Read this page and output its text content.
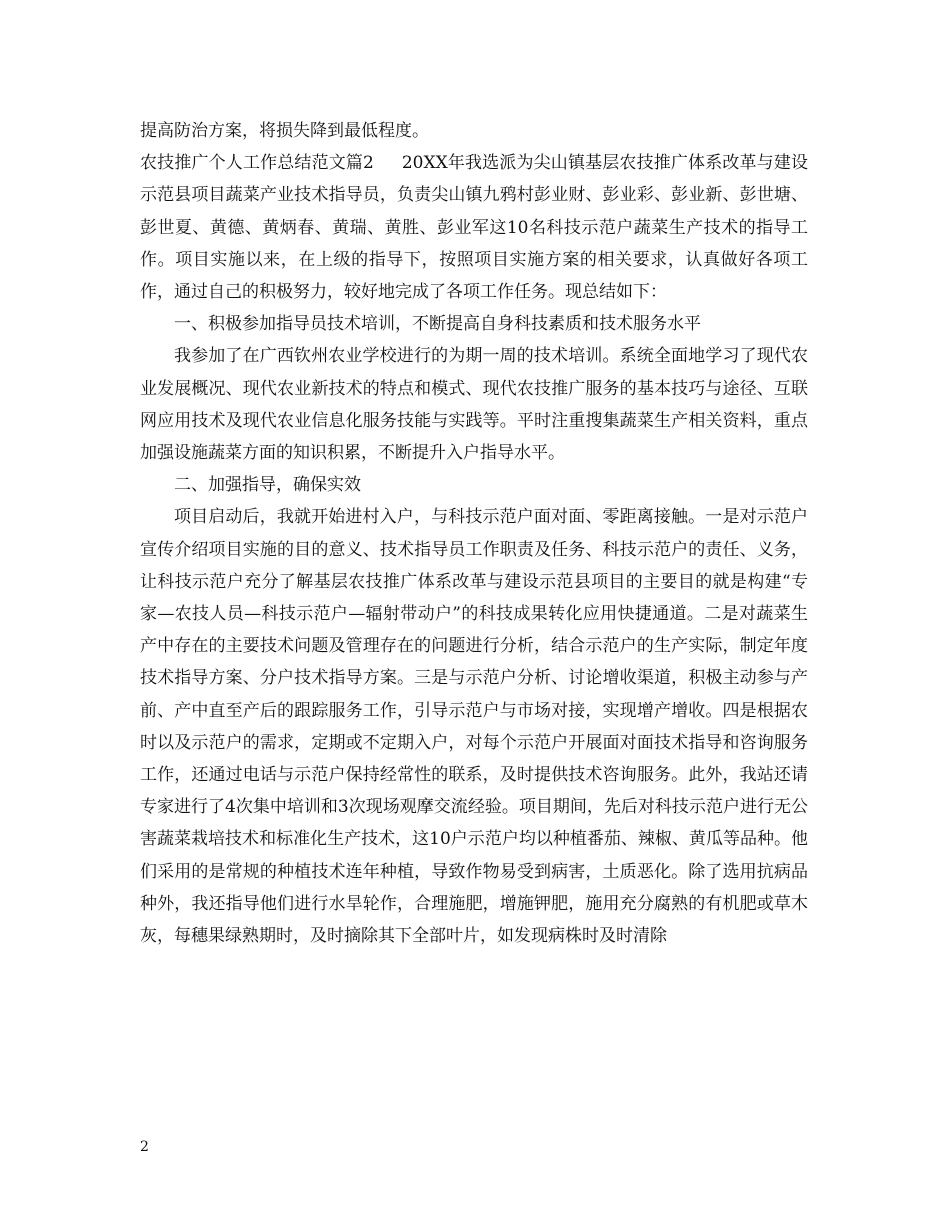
提高防治方案，将损失降到最低程度。

农技推广个人工作总结范文篇2 20XX年我选派为尖山镇基层农技推广体系改革与建设示范县项目蔬菜产业技术指导员，负责尖山镇九鸦村彭业财、彭业彩、彭业新、彭世塘、彭世夏、黄德、黄炳春、黄瑞、黄胜、彭业军这10名科技示范户蔬菜生产技术的指导工作。项目实施以来，在上级的指导下，按照项目实施方案的相关要求，认真做好各项工作，通过自己的积极努力，较好地完成了各项工作任务。现总结如下：

一、积极参加指导员技术培训，不断提高自身科技素质和技术服务水平

我参加了在广西钦州农业学校进行的为期一周的技术培训。系统全面地学习了现代农业发展概况、现代农业新技术的特点和模式、现代农技推广服务的基本技巧与途径、互联网应用技术及现代农业信息化服务技能与实践等。平时注重搜集蔬菜生产相关资料，重点加强设施蔬菜方面的知识积累，不断提升入户指导水平。

二、加强指导，确保实效

项目启动后，我就开始进村入户，与科技示范户面对面、零距离接触。一是对示范户宣传介绍项目实施的目的意义、技术指导员工作职责及任务、科技示范户的责任、义务，让科技示范户充分了解基层农技推广体系改革与建设示范县项目的主要目的就是构建“专家—农技人员—科技示范户—辐射带动户”的科技成果转化应用快捷通道。二是对蔬菜生产中存在的主要技术问题及管理存在的问题进行分析，结合示范户的生产实际，制定年度技术指导方案、分户技术指导方案。三是与示范户分析、讨论增收渠道，积极主动参与产前、产中直至产后的跟踪服务工作，引导示范户与市场对接，实现增产增收。四是根据农时以及示范户的需求，定期或不定期入户，对每个示范户开展面对面技术指导和咨询服务工作，还通过电话与示范户保持经常性的联系，及时提供技术咨询服务。此外，我站还请专家进行了4次集中培训和3次现场观摩交流经验。项目期间，先后对科技示范户进行无公害蔬菜栽培技术和标准化生产技术，这10户示范户均以种植番茄、辣椒、黄瓜等品种。他们采用的是常规的种植技术连年种植，导致作物易受到病害，土质恶化。除了选用抗病品种外，我还指导他们进行水旱轮作，合理施肥，增施钾肥，施用充分腐熟的有机肥或草木灰，每穗果绿熟期时，及时摘除其下全部叶片，如发现病株时及时清除

2
